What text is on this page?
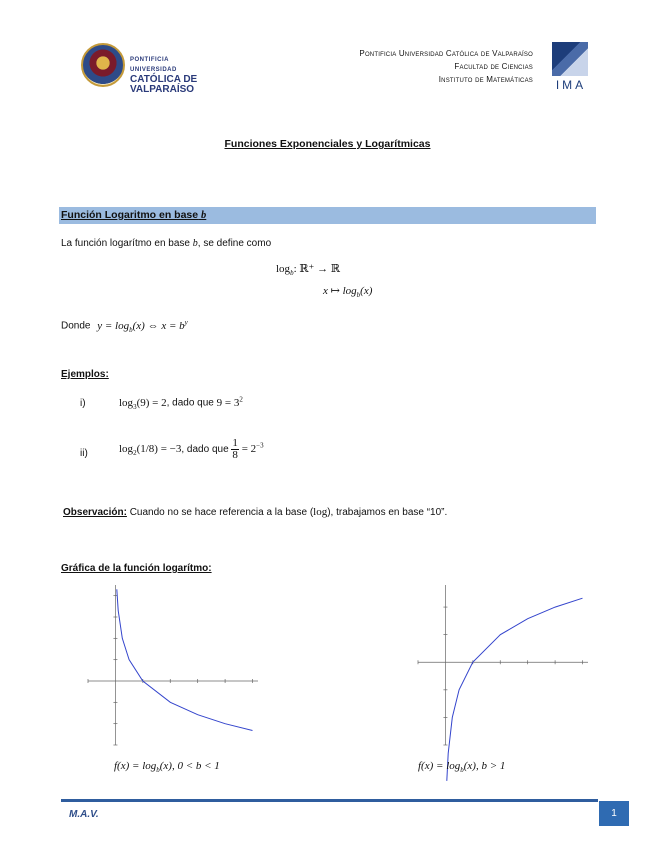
PONTIFICIA
UNIVERSIDAD
CATÓLICA DE
VALPARAÍSO
Pontificia Universidad Católica de Valparaíso
Facultad de Ciencias
Instituto de Matemáticas IMA
Funciones Exponenciales y Logarítmicas
Función Logaritmo en base b
La función logarítmo en base b, se define como
$\log_b$: ℝ⁺ → ℝ
x ↦ $\log_b(x)$
Donde $y = \log_b(x)$ ⇔ $x = b^y$
Ejemplos:
i)	$\log_3(9) = 2$, dado que $9 = 3^2$
ii)	$\log_2(1/8) = -3$, dado que $\frac{1}{8} = 2^{-3}$
Observación: Cuando no se hace referencia a la base (log), trabajamos en base “10”.
Gráfica de la función logarítmo:
$f(x) = \log_b(x)$, 0 < b < 1	$f(x) = \log_b(x)$, b > 1
M.A.V.	1
